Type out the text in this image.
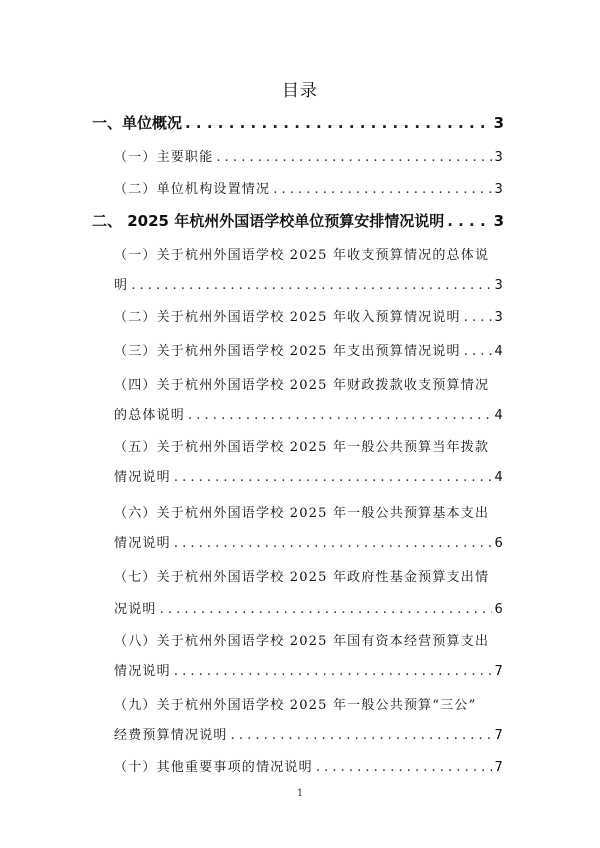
目录
一、单位概况 . . .	3
（一）主要职能 . . .	3
（二）单位机构设置情况 . . .	3
二、 2025 年杭州外国语学校单位预算安排情况说明 . . .	3
（一）关于杭州外国语学校 2025 年收支预算情况的总体说
明 . . .	3
（二）关于杭州外国语学校 2025 年收入预算情况说明 . . .	3
（三）关于杭州外国语学校 2025 年支出预算情况说明 . . .	4
（四）关于杭州外国语学校 2025 年财政拨款收支预算情况
的总体说明 . . .	4
（五）关于杭州外国语学校 2025 年一般公共预算当年拨款
情况说明 . . .	4
（六）关于杭州外国语学校 2025 年一般公共预算基本支出
情况说明 . . .	6
（七）关于杭州外国语学校 2025 年政府性基金预算支出情
况说明 . . .	6
（八）关于杭州外国语学校 2025 年国有资本经营预算支出
情况说明 . . .	7
（九）关于杭州外国语学校 2025 年一般公共预算“三公”
经费预算情况说明 . . .	7
（十）其他重要事项的情况说明 . . .	7
1
